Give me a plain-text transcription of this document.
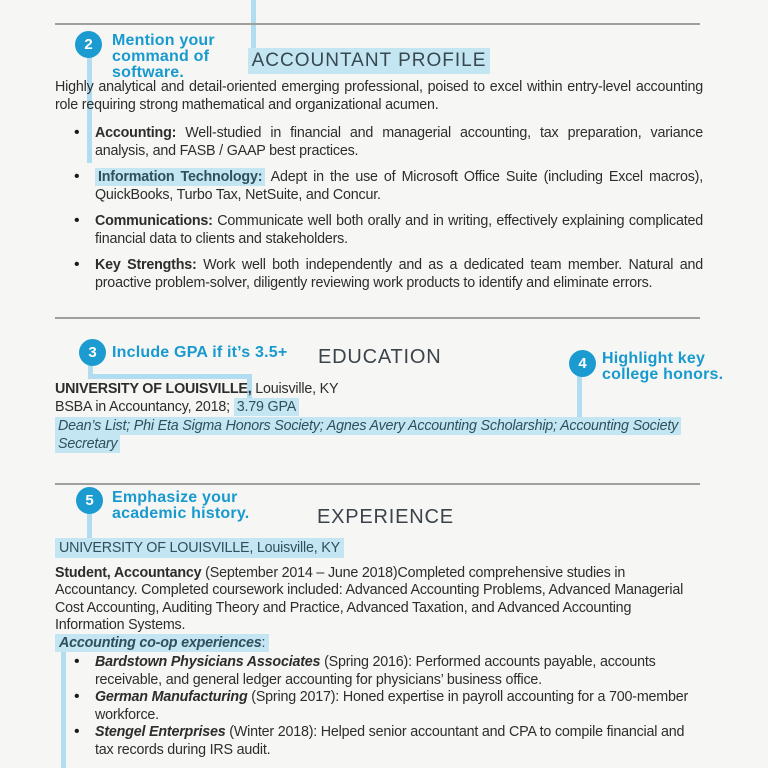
2 Mention your command of software.
3 Include GPA if it’s 3.5+
4 Highlight key college honors.
5 Emphasize your academic history.
ACCOUNTANT PROFILE

Highly analytical and detail-oriented emerging professional, poised to excel within entry-level accounting role requiring strong mathematical and organizational acumen.

• Accounting: Well-studied in financial and managerial accounting, tax preparation, variance analysis, and FASB / GAAP best practices.
• Information Technology: Adept in the use of Microsoft Office Suite (including Excel macros), QuickBooks, Turbo Tax, NetSuite, and Concur.
• Communications: Communicate well both orally and in writing, effectively explaining complicated financial data to clients and stakeholders.
• Key Strengths: Work well both independently and as a dedicated team member. Natural and proactive problem-solver, diligently reviewing work products to identify and eliminate errors.
EDUCATION
UNIVERSITY OF LOUISVILLE, Louisville, KY
BSBA in Accountancy, 2018; 3.79 GPA
Dean’s List; Phi Eta Sigma Honors Society; Agnes Avery Accounting Scholarship; Accounting Society Secretary
EXPERIENCE
UNIVERSITY OF LOUISVILLE, Louisville, KY

Student, Accountancy (September 2014 – June 2018)Completed comprehensive studies in Accountancy. Completed coursework included: Advanced Accounting Problems, Advanced Managerial Cost Accounting, Auditing Theory and Practice, Advanced Taxation, and Advanced Accounting Information Systems.

Accounting co-op experiences:
• Bardstown Physicians Associates (Spring 2016): Performed accounts payable, accounts receivable, and general ledger accounting for physicians’ business office.
• German Manufacturing (Spring 2017): Honed expertise in payroll accounting for a 700-member workforce.
• Stengel Enterprises (Winter 2018): Helped senior accountant and CPA to compile financial and tax records during IRS audit.
